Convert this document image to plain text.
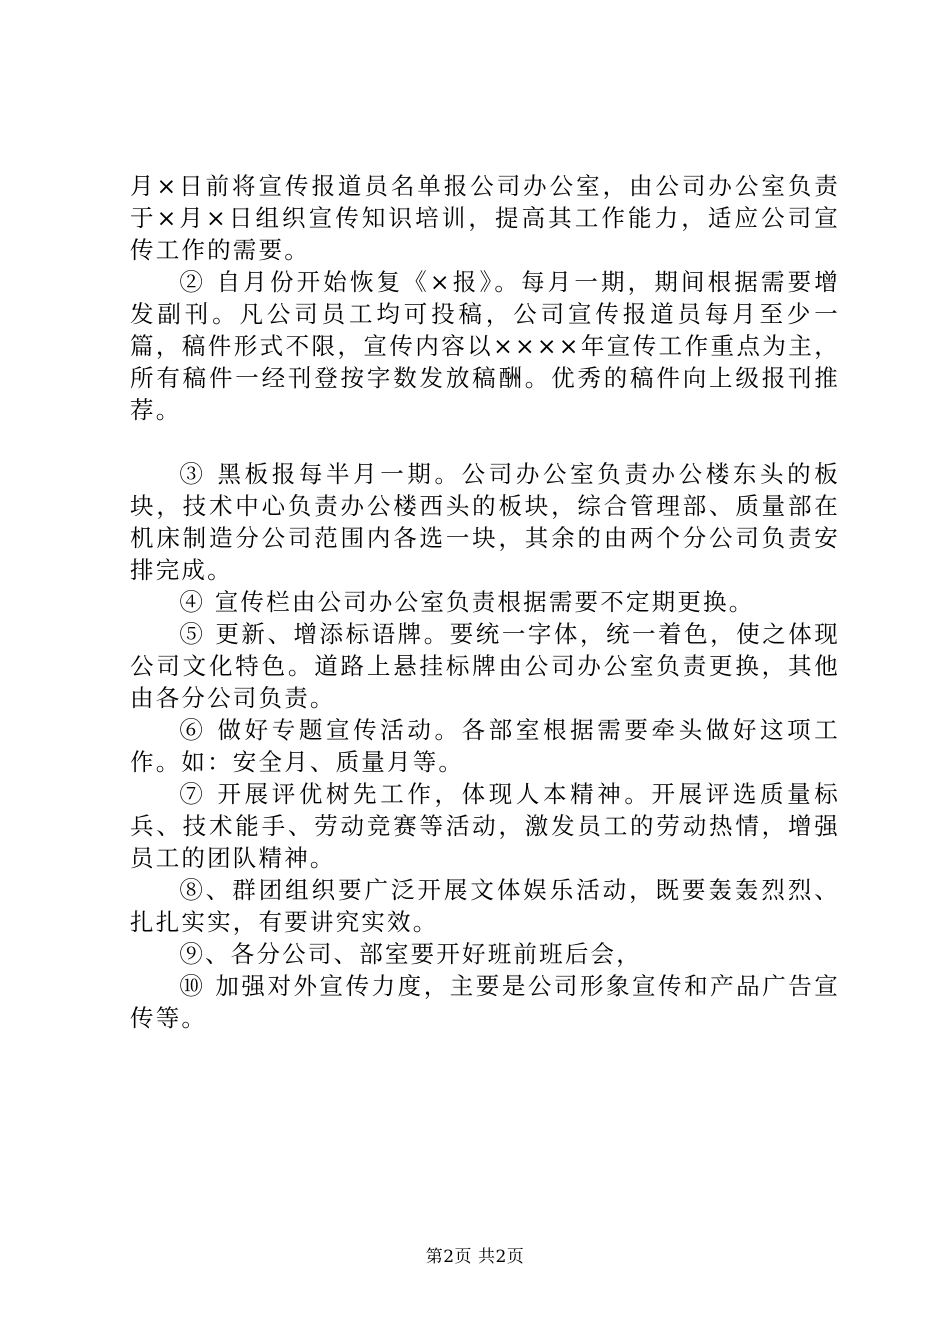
月×日前将宣传报道员名单报公司办公室，由公司办公室负责于×月×日组织宣传知识培训，提高其工作能力，适应公司宣传工作的需要。

② 自月份开始恢复《×报》。每月一期，期间根据需要增发副刊。凡公司员工均可投稿，公司宣传报道员每月至少一篇，稿件形式不限，宣传内容以××××年宣传工作重点为主，所有稿件一经刊登按字数发放稿酬。优秀的稿件向上级报刊推荐。

③ 黑板报每半月一期。公司办公室负责办公楼东头的板块，技术中心负责办公楼西头的板块，综合管理部、质量部在机床制造分公司范围内各选一块，其余的由两个分公司负责安排完成。

④ 宣传栏由公司办公室负责根据需要不定期更换。

⑤ 更新、增添标语牌。要统一字体，统一着色，使之体现公司文化特色。道路上悬挂标牌由公司办公室负责更换，其他由各分公司负责。

⑥ 做好专题宣传活动。各部室根据需要牵头做好这项工作。如：安全月、质量月等。

⑦ 开展评优树先工作，体现人本精神。开展评选质量标兵、技术能手、劳动竞赛等活动，激发员工的劳动热情，增强员工的团队精神。

⑧、群团组织要广泛开展文体娱乐活动，既要轰轰烈烈、扎扎实实，有要讲究实效。

⑨、各分公司、部室要开好班前班后会，

⑩ 加强对外宣传力度，主要是公司形象宣传和产品广告宣传等。

第2页 共2页
